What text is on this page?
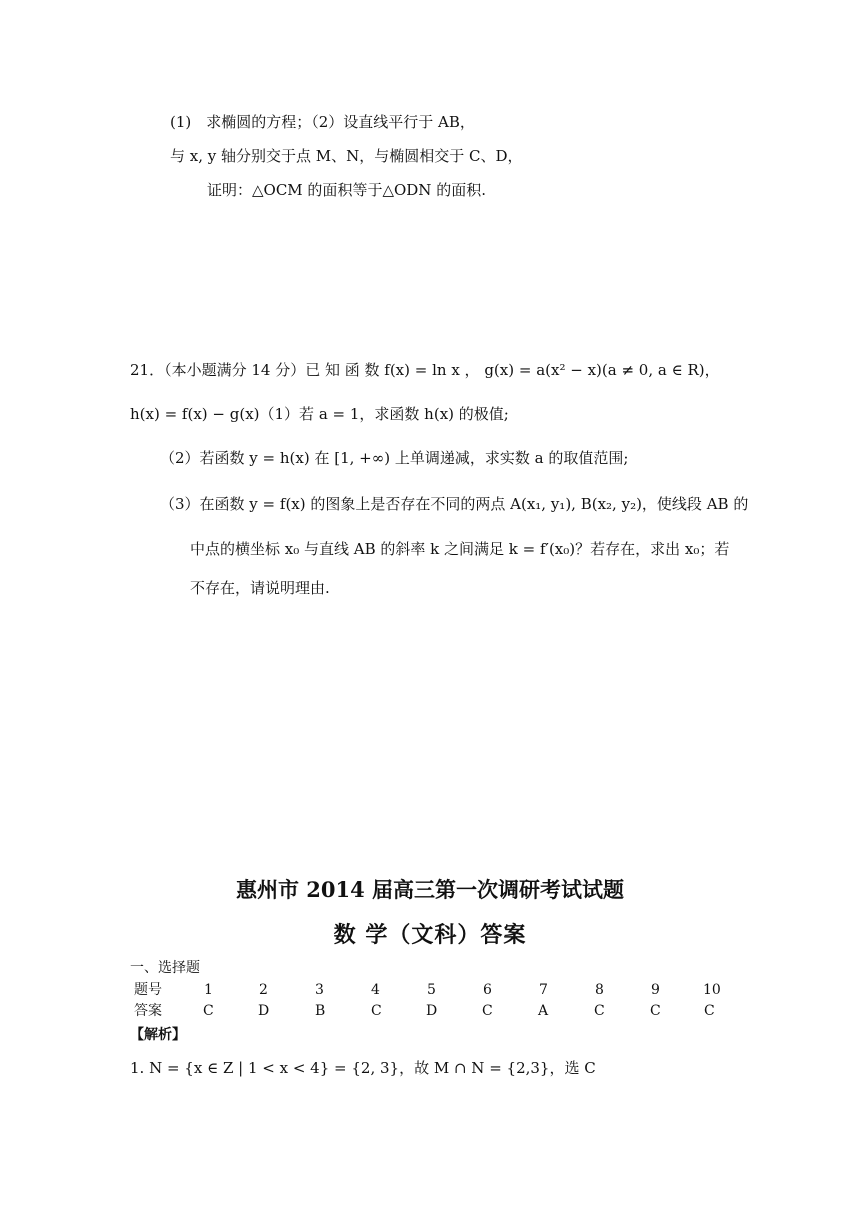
(1)　求椭圆的方程；（2）设直线平行于 AB，
与 x, y 轴分别交于点 M、N，与椭圆相交于 C、D，
证明：△OCM 的面积等于△ODN 的面积.
21．（本小题满分 14 分）已 知 函 数 f(x) = ln x ， g(x) = a(x² − x)(a ≠ 0, a ∈ R)，
h(x) = f(x) − g(x)（1）若 a = 1，求函数 h(x) 的极值;
（2）若函数 y = h(x) 在 [1, +∞) 上单调递减，求实数 a 的取值范围;
（3）在函数 y = f(x) 的图象上是否存在不同的两点 A(x₁, y₁), B(x₂, y₂)，使线段 AB 的
中点的横坐标 x₀ 与直线 AB 的斜率 k 之间满足 k = f′(x₀)？若存在，求出 x₀；若
不存在，请说明理由.
惠州市 2014 届高三第一次调研考试试题
数 学（文科）答案
一、选择题
题号	1	2	3	4	5	6	7	8	9	10
答案	C	D	B	C	D	C	A	C	C	C
【解析】
1. N = {x ∈ Z | 1 < x < 4} = {2, 3}，故 M ∩ N = {2,3}，选 C
